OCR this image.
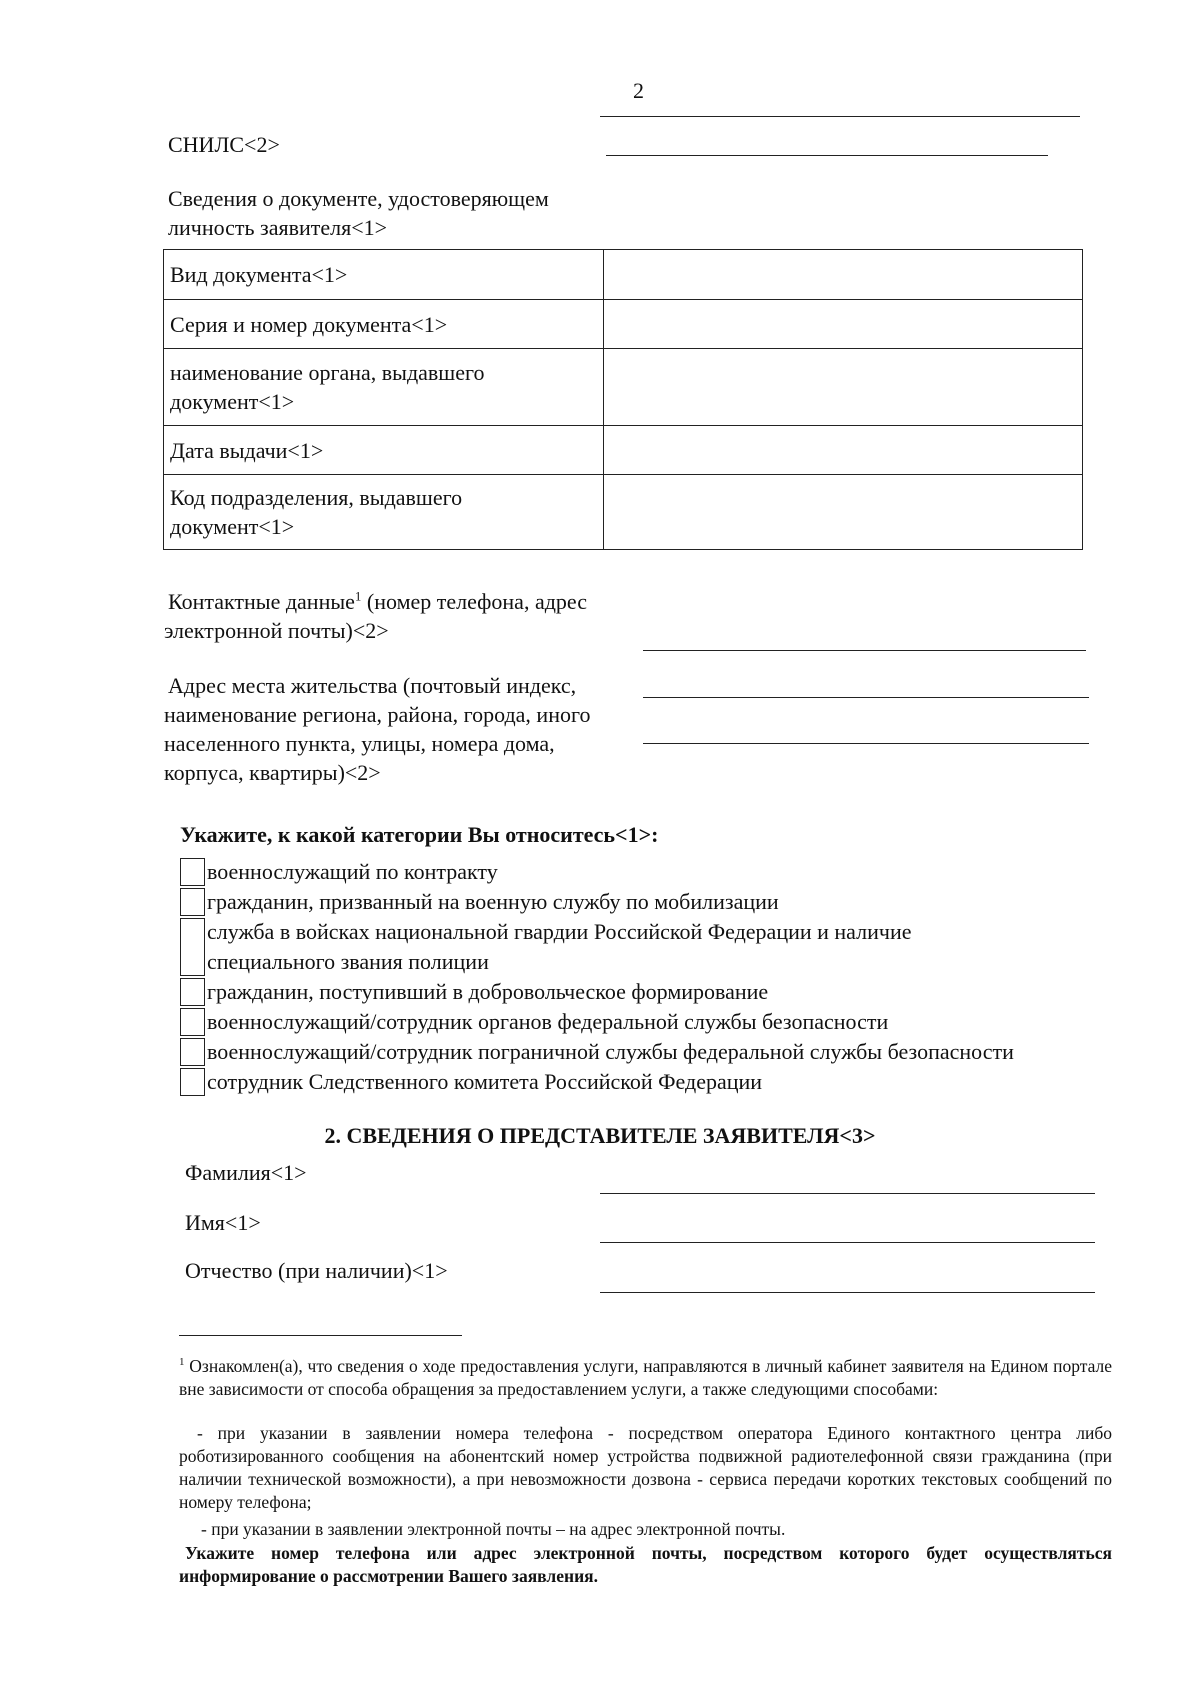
2
СНИЛС<2>
Сведения о документе, удостоверяющем
личность заявителя<1>
Вид документа<1>	

Серия и номер документа<1>	

наименование органа, выдавшего
документ<1>	

Дата выдачи<1>	

Код подразделения, выдавшего
документ<1>	

Контактные данные$^1$ (номер телефона, адрес
электронной почты)<2>
Адрес места жительства (почтовый индекс,
наименование региона, района, города, иного
населенного пункта, улицы, номера дома,
корпуса, квартиры)<2>
Укажите, к какой категории Вы относитесь<1>:
военнослужащий по контракту
гражданин, призванный на военную службу по мобилизации
служба в войсках национальной гвардии Российской Федерации и наличие
специального звания полиции
гражданин, поступивший в добровольческое формирование
военнослужащий/сотрудник органов федеральной службы безопасности
военнослужащий/сотрудник пограничной службы федеральной службы безопасности
сотрудник Следственного комитета Российской Федерации
2. СВЕДЕНИЯ О ПРЕДСТАВИТЕЛЕ ЗАЯВИТЕЛЯ<3>
Фамилия<1>
Имя<1>
Отчество (при наличии)<1>
$^1$ Ознакомлен(а), что сведения о ходе предоставления услуги, направляются в личный кабинет заявителя на Едином портале вне зависимости от способа обращения за предоставлением услуги, а также следующими способами:
- при указании в заявлении номера телефона - посредством оператора Единого контактного центра либо роботизированного сообщения на абонентский номер устройства подвижной радиотелефонной связи гражданина (при наличии технической возможности), а при невозможности дозвона - сервиса передачи коротких текстовых сообщений по номеру телефона;
- при указании в заявлении электронной почты – на адрес электронной почты.
Укажите номер телефона или адрес электронной почты, посредством которого будет осуществляться информирование о рассмотрении Вашего заявления.
